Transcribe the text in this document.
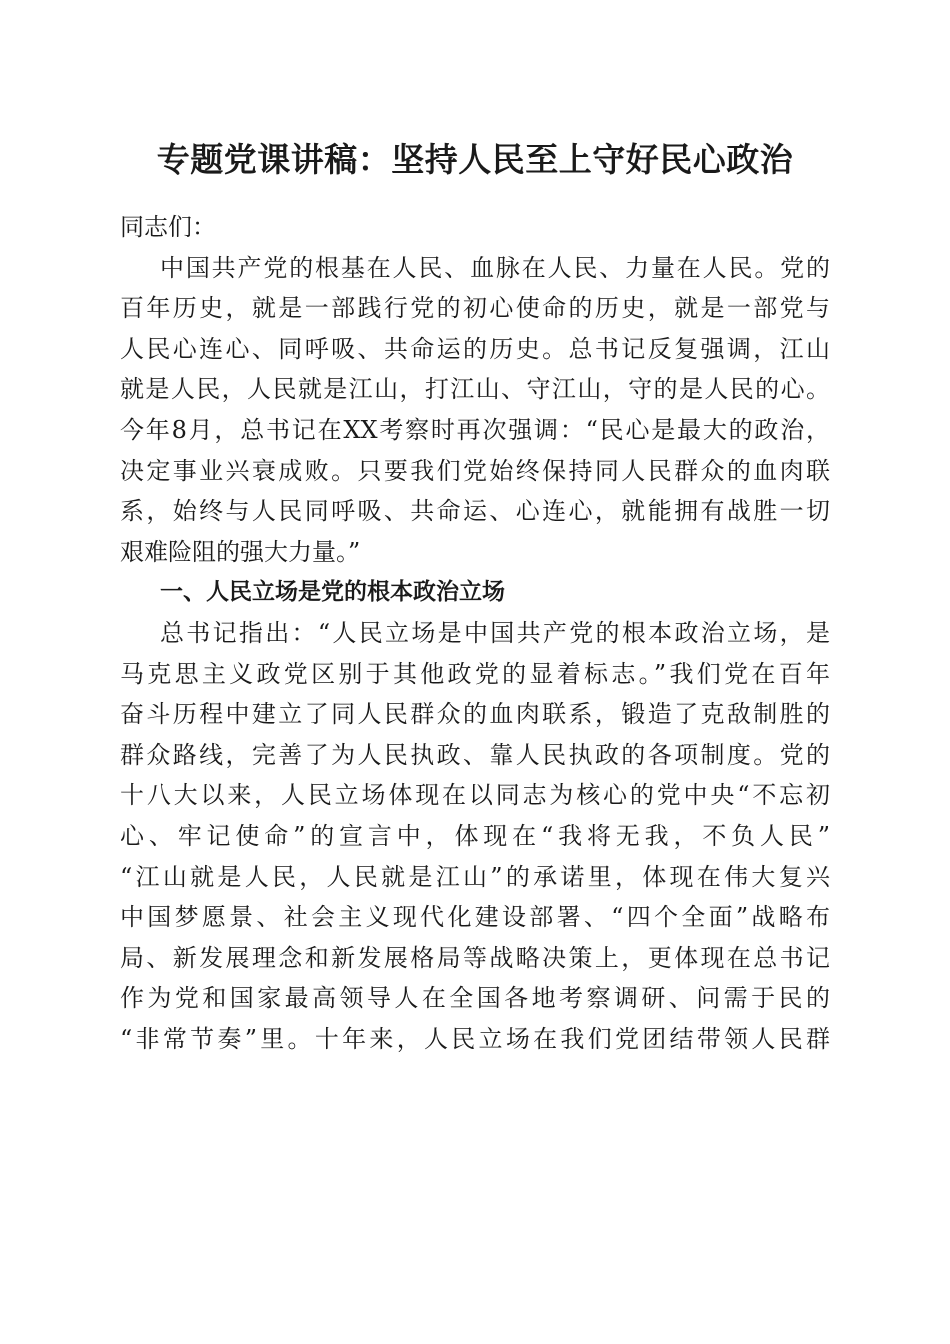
专题党课讲稿：坚持人民至上守好民心政治
同志们：
中国共产党的根基在人民、血脉在人民、力量在人民。党的
百年历史，就是一部践行党的初心使命的历史，就是一部党与
人民心连心、同呼吸、共命运的历史。总书记反复强调，江山
就是人民，人民就是江山，打江山、守江山，守的是人民的心。
今年8月，总书记在XX考察时再次强调：“民心是最大的政治，
决定事业兴衰成败。只要我们党始终保持同人民群众的血肉联
系，始终与人民同呼吸、共命运、心连心，就能拥有战胜一切
艰难险阻的强大力量。”
一、人民立场是党的根本政治立场
总书记指出：“人民立场是中国共产党的根本政治立场，是
马克思主义政党区别于其他政党的显着标志。”我们党在百年
奋斗历程中建立了同人民群众的血肉联系，锻造了克敌制胜的
群众路线，完善了为人民执政、靠人民执政的各项制度。党的
十八大以来，人民立场体现在以同志为核心的党中央“不忘初
心、牢记使命”的宣言中，体现在“我将无我，不负人民”
“江山就是人民，人民就是江山”的承诺里，体现在伟大复兴
中国梦愿景、社会主义现代化建设部署、“四个全面”战略布
局、新发展理念和新发展格局等战略决策上，更体现在总书记
作为党和国家最高领导人在全国各地考察调研、问需于民的
“非常节奏”里。十年来，人民立场在我们党团结带领人民群
